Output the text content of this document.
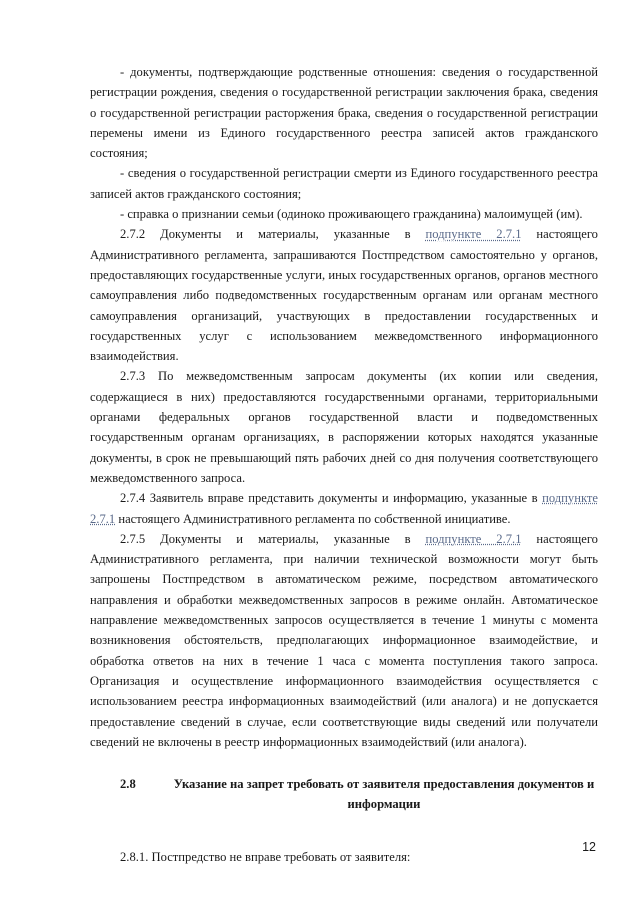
- документы, подтверждающие родственные отношения: сведения о государственной регистрации рождения, сведения о государственной регистрации заключения брака, сведения о государственной регистрации расторжения брака, сведения о государственной регистрации перемены имени из Единого государственного реестра записей актов гражданского состояния;

- сведения о государственной регистрации смерти из Единого государственного реестра записей актов гражданского состояния;

- справка о признании семьи (одиноко проживающего гражданина) малоимущей (им).

2.7.2 Документы и материалы, указанные в подпункте 2.7.1 настоящего Административного регламента, запрашиваются Постпредством самостоятельно у органов, предоставляющих государственные услуги, иных государственных органов, органов местного самоуправления либо подведомственных государственным органам или органам местного самоуправления организаций, участвующих в предоставлении государственных и государственных услуг с использованием межведомственного информационного взаимодействия.

2.7.3 По межведомственным запросам документы (их копии или сведения, содержащиеся в них) предоставляются государственными органами, территориальными органами федеральных органов государственной власти и подведомственных государственным органам организациях, в распоряжении которых находятся указанные документы, в срок не превышающий пять рабочих дней со дня получения соответствующего межведомственного запроса.

2.7.4 Заявитель вправе представить документы и информацию, указанные в подпункте 2.7.1 настоящего Административного регламента по собственной инициативе.

2.7.5 Документы и материалы, указанные в подпункте 2.7.1 настоящего Административного регламента, при наличии технической возможности могут быть запрошены Постпредством в автоматическом режиме, посредством автоматического направления и обработки межведомственных запросов в режиме онлайн. Автоматическое направление межведомственных запросов осуществляется в течение 1 минуты с момента возникновения обстоятельств, предполагающих информационное взаимодействие, и обработка ответов на них в течение 1 часа с момента поступления такого запроса. Организация и осуществление информационного взаимодействия осуществляется с использованием реестра информационных взаимодействий (или аналога) и не допускается предоставление сведений в случае, если соответствующие виды сведений или получатели сведений не включены в реестр информационных взаимодействий (или аналога).

2.8	Указание на запрет требовать от заявителя предоставления документов и информации

2.8.1. Постпредство не вправе требовать от заявителя:

12
